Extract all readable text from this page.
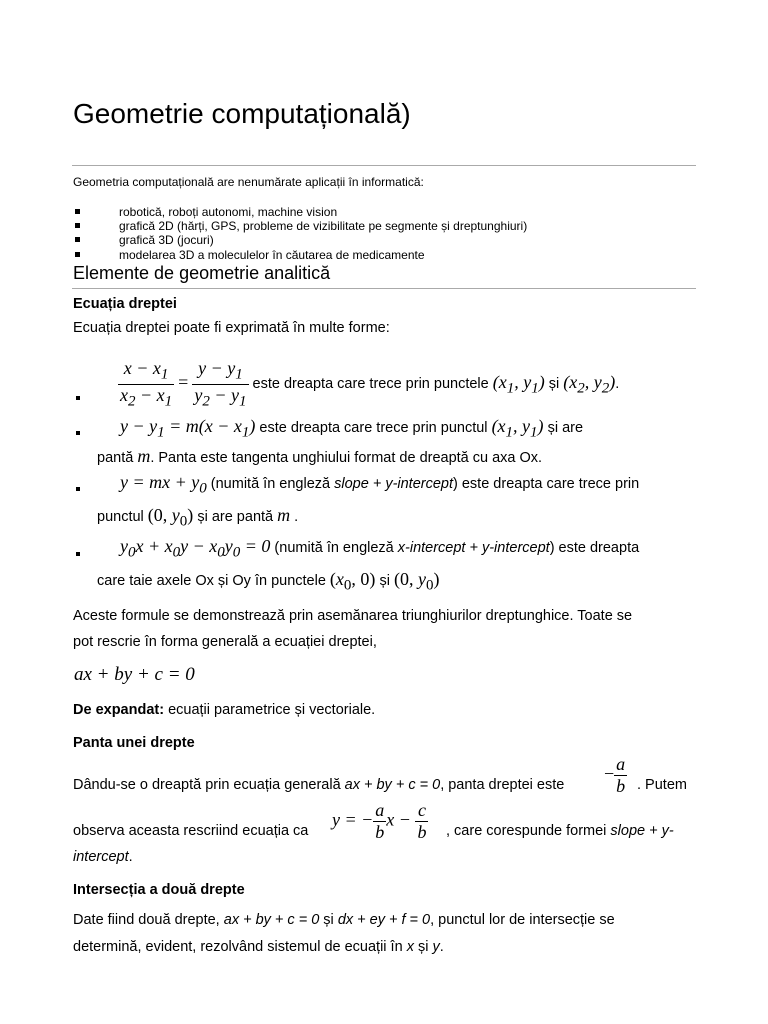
Geometrie computațională)
Geometria computațională are nenumărate aplicații în informatică:
robotică, roboți autonomi, machine vision
grafică 2D (hărți, GPS, probleme de vizibilitate pe segmente și dreptunghiuri)
grafică 3D (jocuri)
modelarea 3D a moleculelor în căutarea de medicamente
Elemente de geometrie analitică
Ecuația dreptei
Ecuația dreptei poate fi exprimată în multe forme:
$\frac{x - x_1}{x_2 - x_1} = \frac{y - y_1}{y_2 - y_1}$ este dreapta care trece prin punctele ($x_1$, $y_1$) și ($x_2$, $y_2$).
$y - y_1 = m(x - x_1)$ este dreapta care trece prin punctul ($x_1$, $y_1$) și are
pantă m. Panta este tangenta unghiului format de dreaptă cu axa Ox.
y = mx + $y_0$ (numită în engleză slope + y-intercept) este dreapta care trece prin
punctul (0, $y_0$) și are pantă m .
$y_0x + x_0y - x_0y_0 = 0$ (numită în engleză x-intercept + y-intercept) este dreapta
care taie axele Ox și Oy în punctele ($x_0$, 0) și (0, $y_0$)
Aceste formule se demonstrează prin asemănarea triunghiurilor dreptunghice. Toate se
pot rescrie în forma generală a ecuației dreptei,
ax + by + c = 0
De expandat: ecuații parametrice și vectoriale.
Panta unei drepte
Dându-se o dreaptă prin ecuația generală ax + by + c = 0, panta dreptei este
− $\frac{a}{b}$ . Putem
observa aceasta rescriind ecuația ca
y = − $\frac{a}{b}$ $x - \frac{c}{b}$ , care corespunde formei slope + y-
intercept.
Intersecția a două drepte
Date fiind două drepte, ax + by + c = 0 și dx + ey + f = 0, punctul lor de intersecție se
determină, evident, rezolvând sistemul de ecuații în x și y.
